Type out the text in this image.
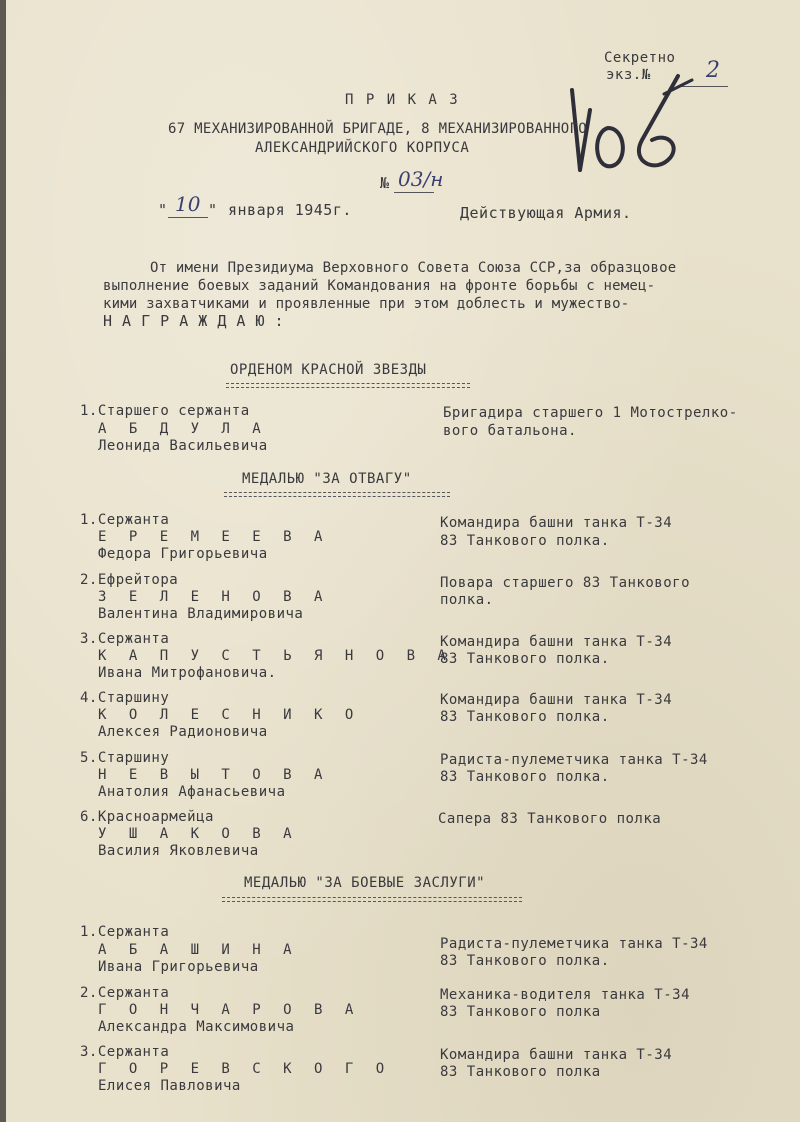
Секретно
экз.№	2
П Р И К А З
67 МЕХАНИЗИРОВАННОЙ БРИГАДЕ, 8 МЕХАНИЗИРОВАННОГО
АЛЕКСАНДРИЙСКОГО КОРПУСА
№ 03/н
" 10 " января 1945г.	Действующая Армия.
От имени Президиума Верховного Совета Союза ССР,за образцовое
выполнение боевых заданий Командования на фронте борьбы с немец-
кими захватчиками и проявленные при этом доблесть и мужество-
Н А Г Р А Ж Д А Ю :
ОРДЕНОМ КРАСНОЙ ЗВЕЗДЫ
1.Старшего сержанта
А Б Д У Л А
Леонида Васильевича
Бригадира старшего 1 Мотострелко-
вого батальона.
МЕДАЛЬЮ "ЗА ОТВАГУ"
1.Сержанта
Е Р Е М Е Е В А
Федора Григорьевича
Командира башни танка Т-34
83 Танкового полка.
2.Ефрейтора
З Е Л Е Н О В А
Валентина Владимировича
Повара старшего 83 Танкового
полка.
3.Сержанта
К А П У С Т Ь Я Н О В А
Ивана Митрофановича.
Командира башни танка Т-34
83 Танкового полка.
4.Старшину
К О Л Е С Н И К О
Алексея Радионовича
Командира башни танка Т-34
83 Танкового полка.
5.Старшину
Н Е В Ы Т О В А
Анатолия Афанасьевича
Радиста-пулеметчика танка Т-34
83 Танкового полка.
6.Красноармейца
У Ш А К О В А
Василия Яковлевича
Сапера 83 Танкового полка
МЕДАЛЬЮ "ЗА БОЕВЫЕ ЗАСЛУГИ"
1.Сержанта
А Б А Ш И Н А
Ивана Григорьевича
Радиста-пулеметчика танка Т-34
83 Танкового полка.
2.Сержанта
Г О Н Ч А Р О В А
Александра Максимовича
Механика-водителя танка Т-34
83 Танкового полка
3.Сержанта
Г О Р Е В С К О Г О
Елисея Павловича
Командира башни танка Т-34
83 Танкового полка
